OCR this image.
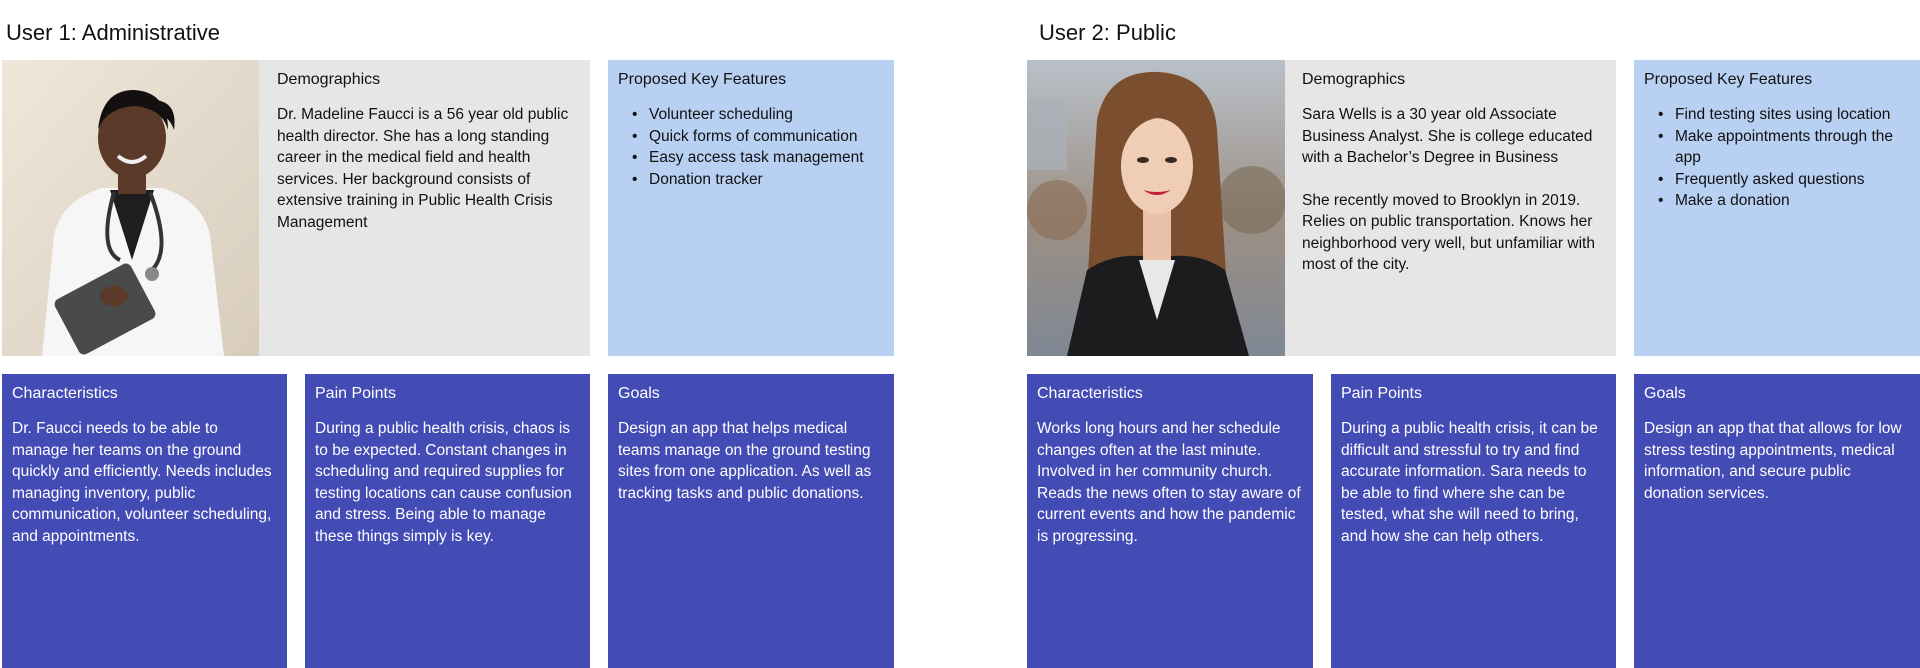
User 1: Administrative
Demographics

Dr. Madeline Faucci is a 56 year old public health director. She has a long standing career in the medical field and health services. Her background consists of extensive training in Public Health Crisis Management

Proposed Key Features
• Volunteer scheduling
• Quick forms of communication
• Easy access task management
• Donation tracker
Characteristics
Dr. Faucci needs to be able to manage her teams on the ground quickly and efficiently. Needs includes managing inventory, public communication, volunteer scheduling, and appointments.
Pain Points
During a public health crisis, chaos is to be expected. Constant changes in scheduling and required supplies for testing locations can cause confusion and stress. Being able to manage these things simply is key.
Goals
Design an app that helps medical teams manage on the ground testing sites from one application. As well as tracking tasks and public donations.
User 2: Public
Demographics

Sara Wells is a 30 year old Associate Business Analyst. She is college educated with a Bachelor’s Degree in Business

She recently moved to Brooklyn in 2019. Relies on public transportation. Knows her neighborhood very well, but unfamiliar with most of the city.

Proposed Key Features
• Find testing sites using location
• Make appointments through the app
• Frequently asked questions
• Make a donation
Characteristics
Works long hours and her schedule changes often at the last minute. Involved in her community church. Reads the news often to stay aware of current events and how the pandemic is progressing.
Pain Points
During a public health crisis, it can be difficult and stressful to try and find accurate information. Sara needs to be able to find where she can be tested, what she will need to bring, and how she can help others.
Goals
Design an app that that allows for low stress testing appointments, medical information, and secure public donation services.
